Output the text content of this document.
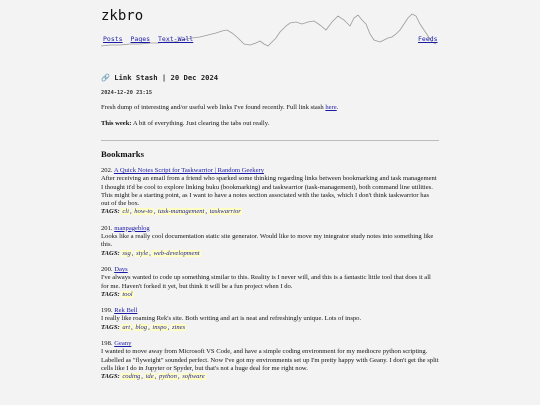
zkbro
Posts Pages Text-Wall	Feeds
🔗 Link Stash | 20 Dec 2024
2024-12-20 23:15

Fresh dump of interesting and/or useful web links I've found recently. Full link stash here.

This week: A bit of everything. Just clearing the tabs out really.

Bookmarks
202. A Quick Notes Script for Taskwarrior | Random Geekery
After receiving an email from a friend who sparked some thinking regarding links between bookmarking and task management I thought it'd be cool to explore linking buku (bookmarking) and taskwarrior (task-management), both command line utilities. This might be a starting point, as I want to have a notes section associated with the tasks, which I don't think taskwarrior has out of the box.
TAGS: cli, how-to, task-management, taskwarrior
201. manpageblog
Looks like a really cool documentation static site generator. Would like to move my integrator study notes into something like this.
TAGS: ssg, style, web-development
200. Days
I've always wanted to code up something similar to this. Reality is I never will, and this is a fantastic little tool that does it all for me. Haven't forked it yet, but think it will be a fun project when I do.
TAGS: tool
199. Rek Bell
I really like roaming Rek's site. Both writing and art is neat and refreshingly unique. Lots of inspo.
TAGS: art, blog, inspo, zines
198. Geany
I wanted to move away from Microsoft VS Code, and have a simple coding environment for my mediocre python scripting. Labelled as "flyweight" sounded perfect. Now I've got my environments set up I'm pretty happy with Geany. I don't get the split cells like I do in Jupyter or Spyder, but that's not a huge deal for me right now.
TAGS: coding, ide, python, software
